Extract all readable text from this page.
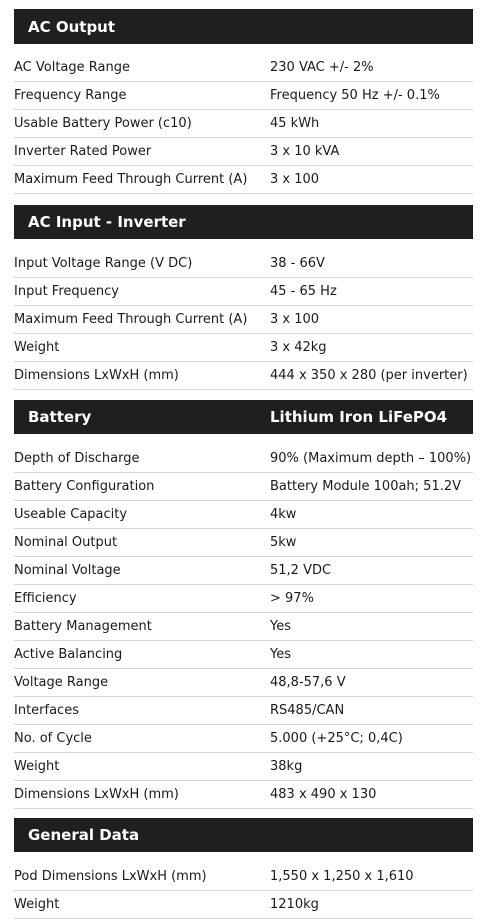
AC Output
AC Voltage Range	230 VAC +/- 2%
Frequency Range	Frequency 50 Hz +/- 0.1%
Usable Battery Power (c10)	45 kWh
Inverter Rated Power	3 x 10 kVA
Maximum Feed Through Current (A) 3 x 100
AC Input - Inverter
Input Voltage Range (V DC)	38 - 66V
Input Frequency	45 - 65 Hz
Maximum Feed Through Current (A) 3 x 100
Weight	3 x 42kg
Dimensions LxWxH (mm)	444 x 350 x 280 (per inverter)
Battery	Lithium Iron LiFePO4
Depth of Discharge	90% (Maximum depth – 100%)
Battery Configuration	Battery Module 100ah; 51.2V
Useable Capacity	4kw
Nominal Output	5kw
Nominal Voltage	51,2 VDC
Efficiency	> 97%
Battery Management	Yes
Active Balancing	Yes
Voltage Range	48,8-57,6 V
Interfaces	RS485/CAN
No. of Cycle	5.000 (+25°C; 0,4C)
Weight	38kg
Dimensions LxWxH (mm)	483 x 490 x 130
General Data
Pod Dimensions LxWxH (mm)	1,550 x 1,250 x 1,610
Weight	1210kg
